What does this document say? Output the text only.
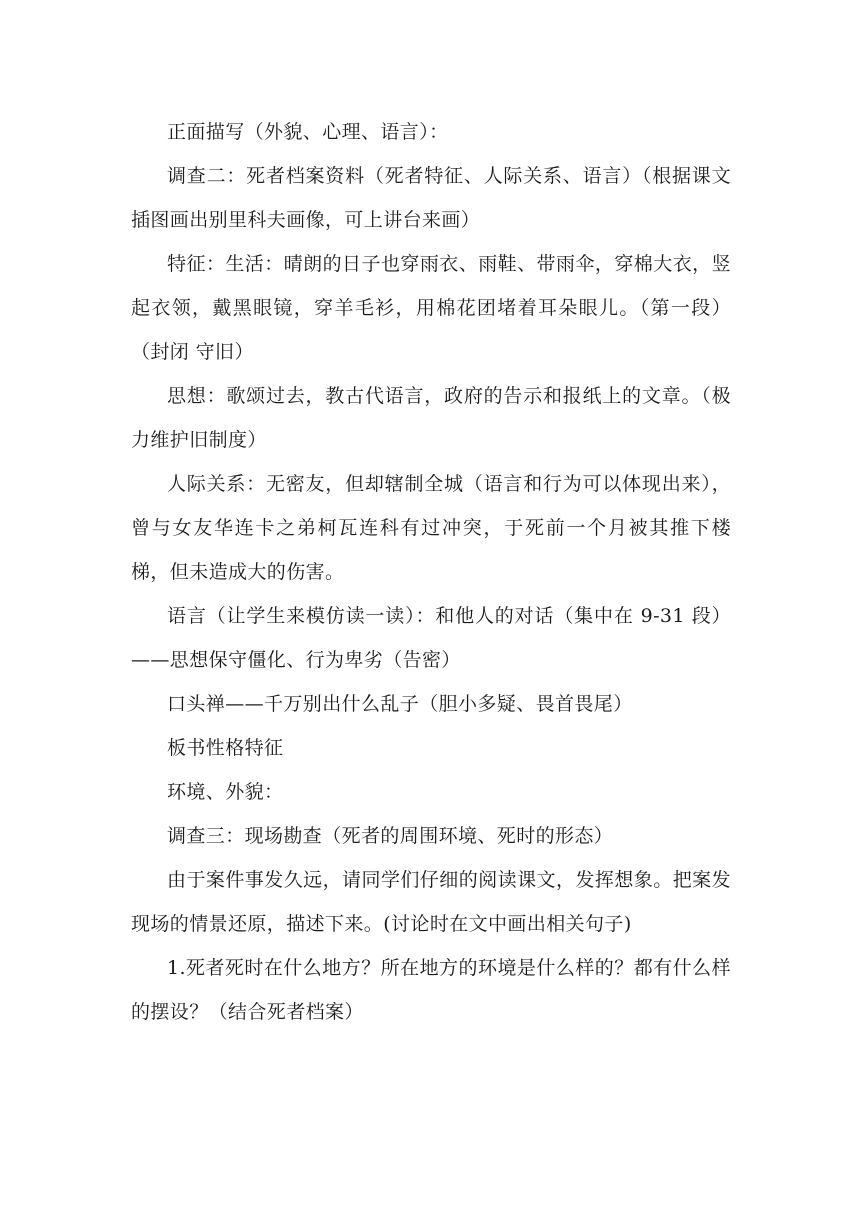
正面描写（外貌、心理、语言）：

调查二：死者档案资料（死者特征、人际关系、语言）（根据课文插图画出别里科夫画像，可上讲台来画）

特征：生活：晴朗的日子也穿雨衣、雨鞋、带雨伞，穿棉大衣，竖起衣领，戴黑眼镜，穿羊毛衫，用棉花团堵着耳朵眼儿。（第一段）（封闭 守旧）

思想：歌颂过去，教古代语言，政府的告示和报纸上的文章。（极力维护旧制度）

人际关系：无密友，但却辖制全城（语言和行为可以体现出来），曾与女友华连卡之弟柯瓦连科有过冲突，于死前一个月被其推下楼梯，但未造成大的伤害。

语言（让学生来模仿读一读）：和他人的对话（集中在 9-31 段）——思想保守僵化、行为卑劣（告密）

口头禅——千万别出什么乱子（胆小多疑、畏首畏尾）

板书性格特征

环境、外貌：

调查三：现场勘查（死者的周围环境、死时的形态）

由于案件事发久远，请同学们仔细的阅读课文，发挥想象。把案发现场的情景还原，描述下来。(讨论时在文中画出相关句子)

1.死者死时在什么地方？所在地方的环境是什么样的？都有什么样的摆设？（结合死者档案）
